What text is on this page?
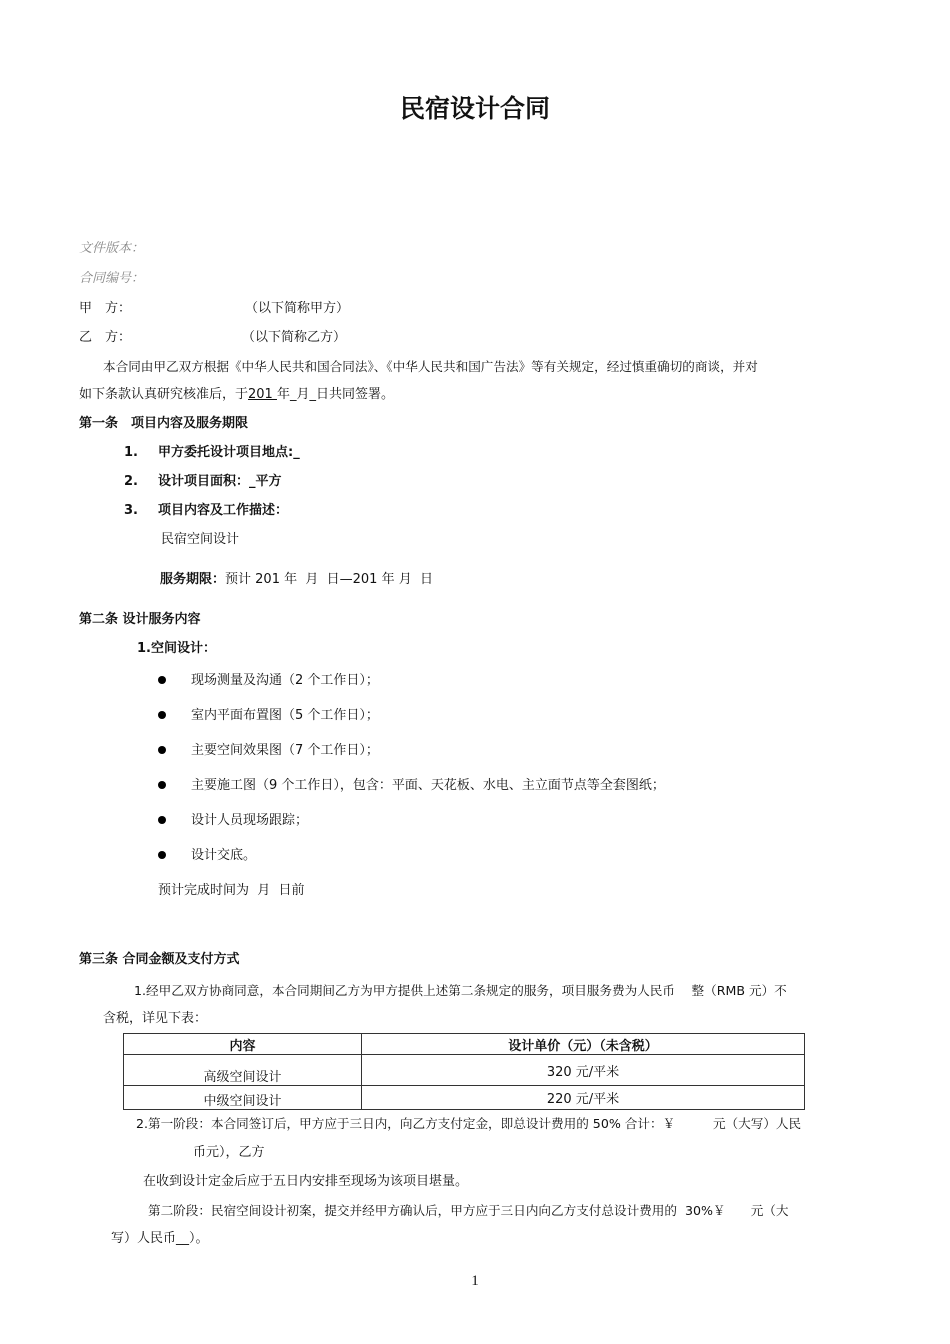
民宿设计合同
文件版本：
合同编号：
甲　方：	（以下简称甲方）
乙　方：	（以下简称乙方）
本合同由甲乙双方根据《中华人民共和国合同法》、《中华人民共和国广告法》等有关规定，经过慎重确切的商谈，并对
如下条款认真研究核准后，于201 年_月_日共同签署。
第一条　项目内容及服务期限
1. 甲方委托设计项目地点:_
2. 设计项目面积：_平方
3. 项目内容及工作描述：
民宿空间设计
服务期限：预计 201 年  月  日—201 年 月  日
第二条 设计服务内容
1.空间设计：
现场测量及沟通（2 个工作日）；
室内平面布置图（5 个工作日）；
主要空间效果图（7 个工作日）；
主要施工图（9 个工作日），包含：平面、天花板、水电、主立面节点等全套图纸；
设计人员现场跟踪；
设计交底。
预计完成时间为  月  日前
第三条 合同金额及支付方式
1.经甲乙双方协商同意，本合同期间乙方为甲方提供上述第二条规定的服务，项目服务费为人民币　 整（RMB 元）不
含税，详见下表：
内容	设计单价（元）（未含税）
高级空间设计	320 元/平米
中级空间设计	220 元/平米
2.第一阶段：本合同签订后，甲方应于三日内，向乙方支付定金，即总设计费用的 50% 合计：￥　　　元（大写）人民
币元），乙方
在收到设计定金后应于五日内安排至现场为该项目堪量。
第二阶段：民宿空间设计初案，提交并经甲方确认后，甲方应于三日内向乙方支付总设计费用的  30%￥　　元（大
写）人民币__）。
1
